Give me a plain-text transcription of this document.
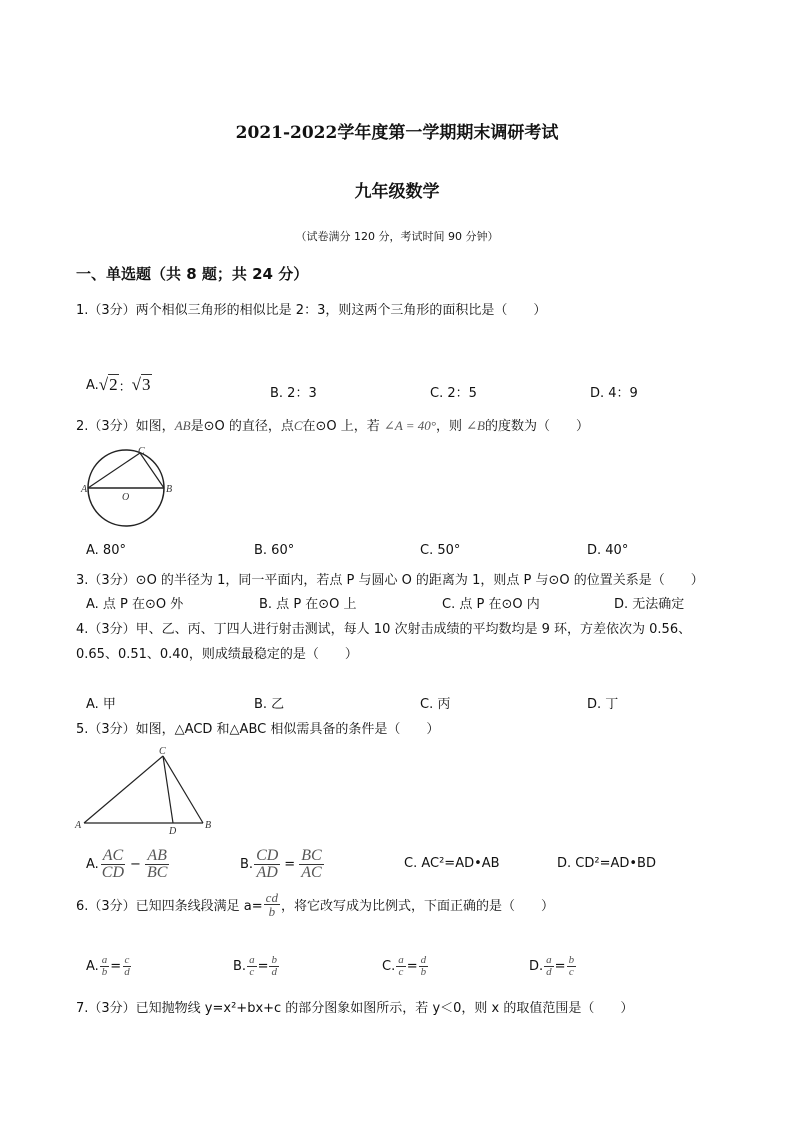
2021-2022学年度第一学期期末调研考试
九年级数学
（试卷满分 120 分，考试时间 90 分钟）
一、单选题（共 8 题；共 24 分）
1.（3分）两个相似三角形的相似比是 2：3，则这两个三角形的面积比是（　　）
A. √2 ： √3	B. 2：3	C. 2：5	D. 4：9
2.（3分）如图，AB是⊙O 的直径，点C在⊙O 上，若 ∠A = 40°，则 ∠B的度数为（　　）
A	B
C
O
A. 80°	B. 60°	C. 50°	D. 40°
3.（3分）⊙O 的半径为 1，同一平面内，若点 P 与圆心 O 的距离为 1，则点 P 与⊙O 的位置关系是（　　）
A. 点 P 在⊙O 外	B. 点 P 在⊙O 上	C. 点 P 在⊙O 内	D. 无法确定
4.（3分）甲、乙、丙、丁四人进行射击测试，每人 10 次射击成绩的平均数均是 9 环，方差依次为 0.56、
0.65、0.51、0.40，则成绩最稳定的是（　　）
A. 甲	B. 乙	C. 丙	D. 丁
5.（3分）如图，△ACD 和△ABC 相似需具备的条件是（　　）
A	B
C
D
A. $\frac{AC}{CD} - \frac{AB}{BC}$	B. $\frac{CD}{AD} = \frac{BC}{AC}$	C. AC²=AD•AB	D. CD²=AD•BD
6.（3分）已知四条线段满足 $a= \frac{cd}{b}$ ，将它改写成为比例式，下面正确的是（　　）
A. $\frac{a}{b} = \frac{c}{d}$	B. $\frac{a}{c} = \frac{b}{d}$	C. $\frac{a}{c} = \frac{d}{b}$	D. $\frac{a}{d} = \frac{b}{c}$
7.（3分）已知抛物线 y=x²+bx+c 的部分图象如图所示，若 y＜0，则 x 的取值范围是（　　）
